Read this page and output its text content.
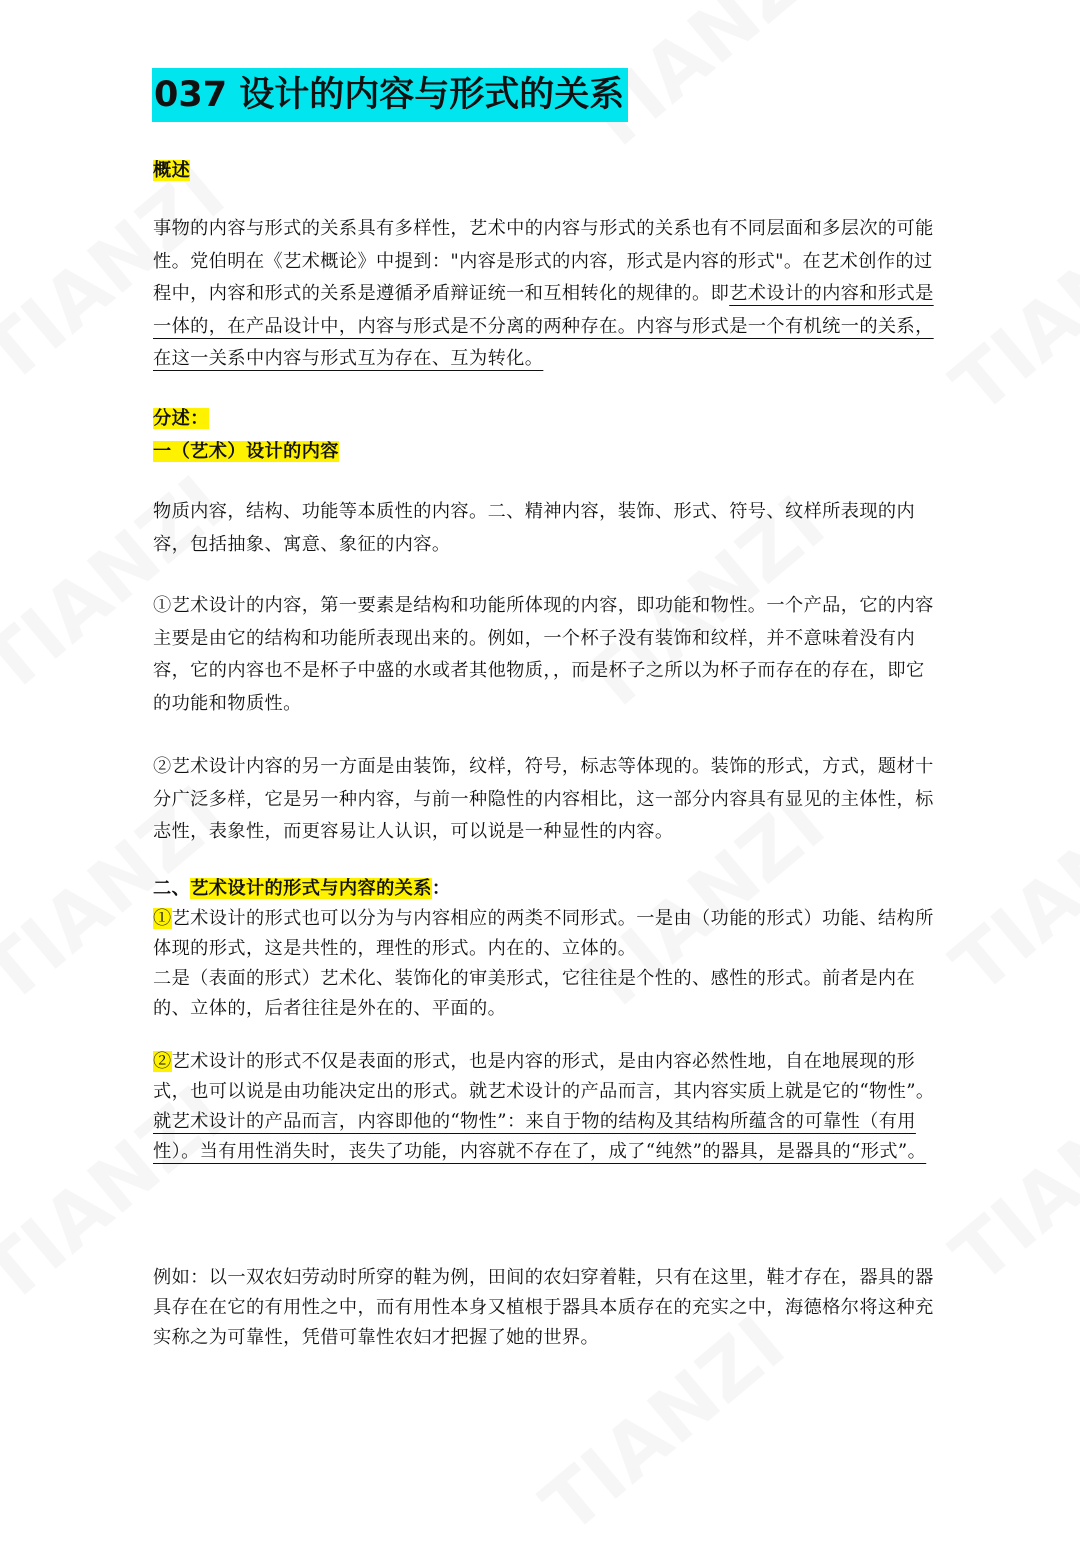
037 设计的内容与形式的关系
概述

事物的内容与形式的关系具有多样性，艺术中的内容与形式的关系也有不同层面和多层次的可能性。党伯明在《艺术概论》中提到："内容是形式的内容，形式是内容的形式"。在艺术创作的过程中，内容和形式的关系是遵循矛盾辩证统一和互相转化的规律的。即艺术设计的内容和形式是一体的，在产品设计中，内容与形式是不分离的两种存在。内容与形式是一个有机统一的关系，在这一关系中内容与形式互为存在、互为转化。

分述：

一（艺术）设计的内容

物质内容，结构、功能等本质性的内容。二、精神内容，装饰、形式、符号、纹样所表现的内容，包括抽象、寓意、象征的内容。

①艺术设计的内容，第一要素是结构和功能所体现的内容，即功能和物性。一个产品，它的内容主要是由它的结构和功能所表现出来的。例如，一个杯子没有装饰和纹样，并不意味着没有内容，它的内容也不是杯子中盛的水或者其他物质，，而是杯子之所以为杯子而存在的存在，即它的功能和物质性。

②艺术设计内容的另一方面是由装饰，纹样，符号，标志等体现的。装饰的形式，方式，题材十分广泛多样，它是另一种内容，与前一种隐性的内容相比，这一部分内容具有显见的主体性，标志性，表象性，而更容易让人认识，可以说是一种显性的内容。

二、艺术设计的形式与内容的关系：

①艺术设计的形式也可以分为与内容相应的两类不同形式。一是由（功能的形式）功能、结构所体现的形式，这是共性的，理性的形式。内在的、立体的。

二是（表面的形式）艺术化、装饰化的审美形式，它往往是个性的、感性的形式。前者是内在的、立体的，后者往往是外在的、平面的。

②艺术设计的形式不仅是表面的形式，也是内容的形式，是由内容必然性地，自在地展现的形式，也可以说是由功能决定出的形式。就艺术设计的产品而言，其内容实质上就是它的“物性”。

就艺术设计的产品而言，内容即他的“物性”：来自于物的结构及其结构所蕴含的可靠性（有用性）。当有用性消失时，丧失了功能，内容就不存在了，成了“纯然”的器具，是器具的“形式”。

例如：以一双农妇劳动时所穿的鞋为例，田间的农妇穿着鞋，只有在这里，鞋才存在，器具的器具存在在它的有用性之中，而有用性本身又植根于器具本质存在的充实之中，海德格尔将这种充实称之为可靠性，凭借可靠性农妇才把握了她的世界。
